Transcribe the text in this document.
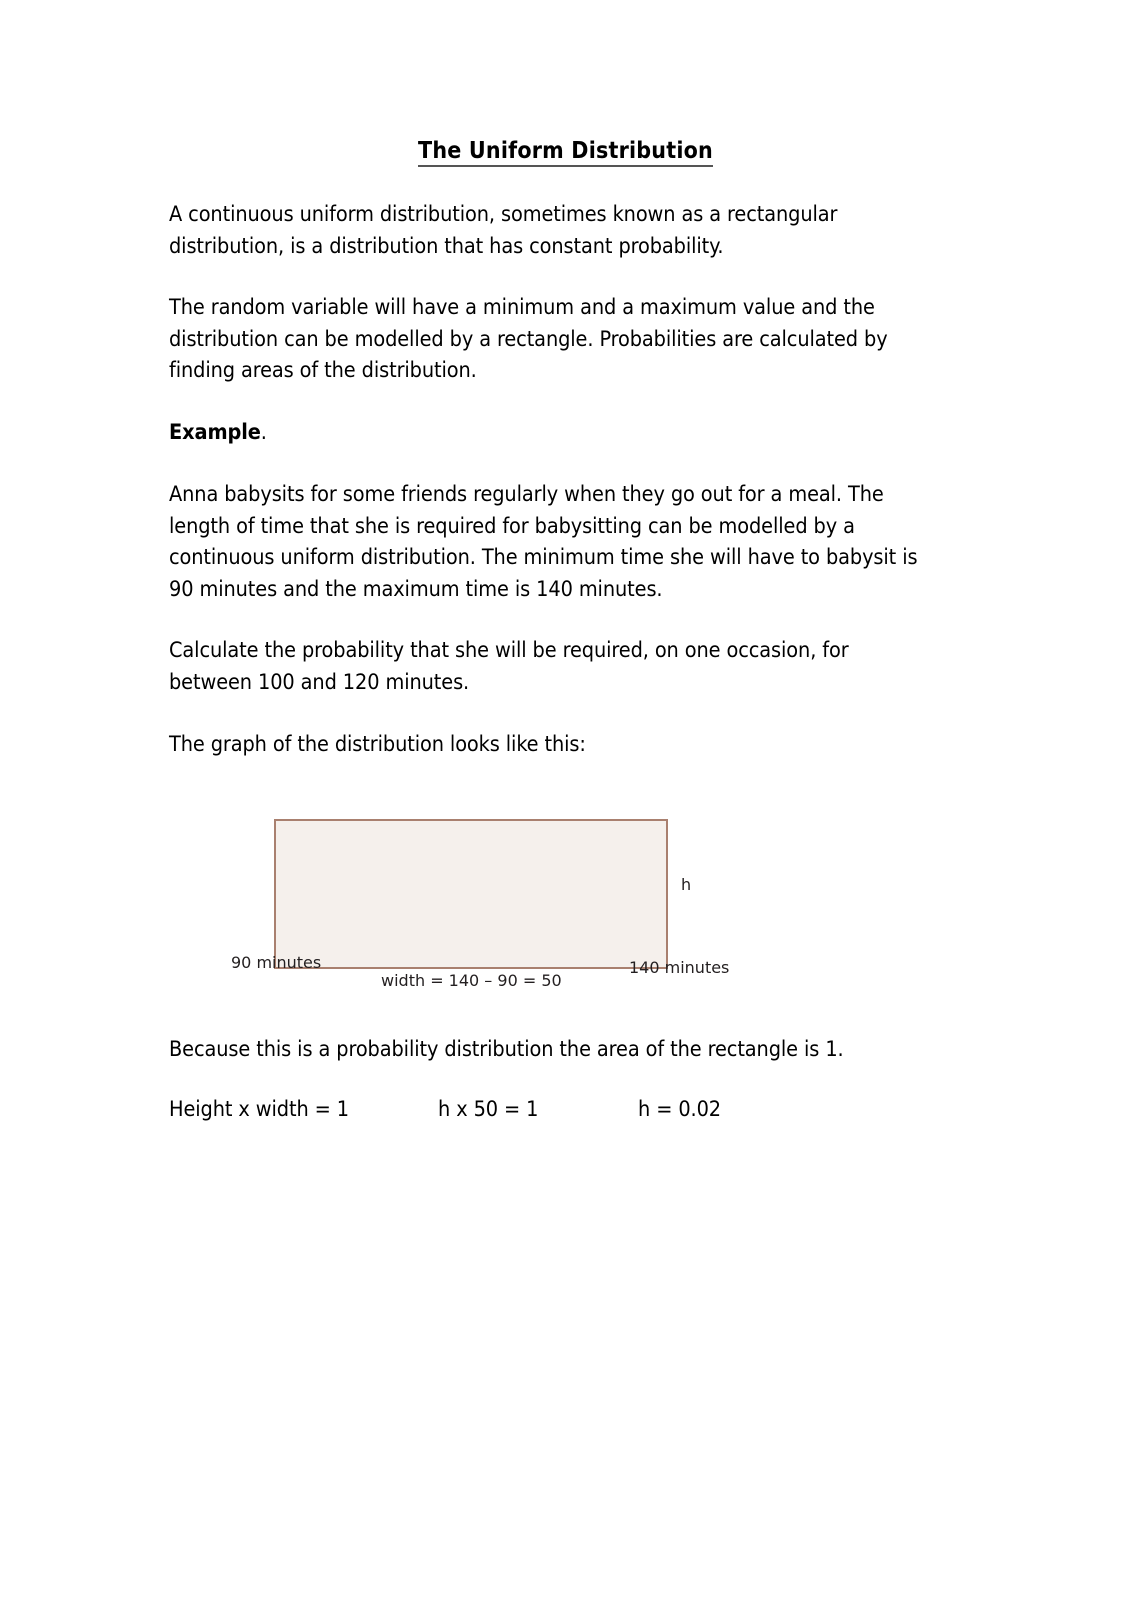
The Uniform Distribution
A continuous uniform distribution, sometimes known as a rectangular distribution, is a distribution that has constant probability.
The random variable will have a minimum and a maximum value and the distribution can be modelled by a rectangle. Probabilities are calculated by finding areas of the distribution.
Example.
Anna babysits for some friends regularly when they go out for a meal. The length of time that she is required for babysitting can be modelled by a continuous uniform distribution. The minimum time she will have to babysit is 90 minutes and the maximum time is 140 minutes.
Calculate the probability that she will be required, on one occasion, for between 100 and 120 minutes.
The graph of the distribution looks like this:
h
90 minutes	140 minutes
width = 140 – 90 = 50
Because this is a probability distribution the area of the rectangle is 1.
Height x width = 1	h x 50 = 1	h = 0.02
